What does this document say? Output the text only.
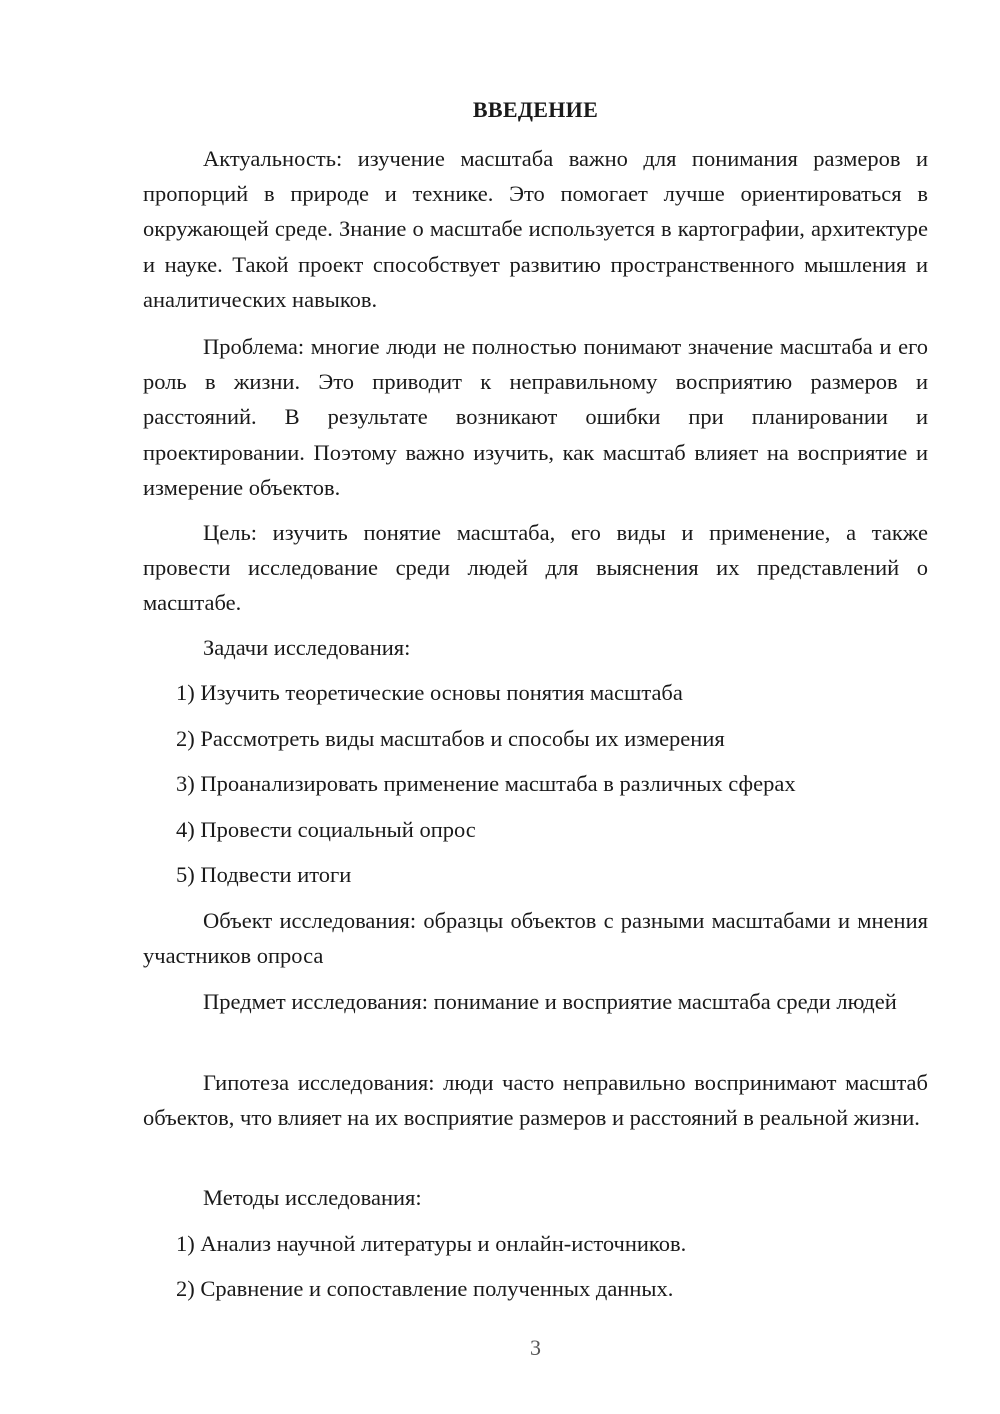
ВВЕДЕНИЕ

Актуальность: изучение масштаба важно для понимания размеров и пропорций в природе и технике. Это помогает лучше ориентироваться в окружающей среде. Знание о масштабе используется в картографии, архитектуре и науке. Такой проект способствует развитию пространственного мышления и аналитических навыков.

Проблема: многие люди не полностью понимают значение масштаба и его роль в жизни. Это приводит к неправильному восприятию размеров и расстояний. В результате возникают ошибки при планировании и проектировании. Поэтому важно изучить, как масштаб влияет на восприятие и измерение объектов.

Цель: изучить понятие масштаба, его виды и применение, а также провести исследование среди людей для выяснения их представлений о масштабе.

Задачи исследования:
1) Изучить теоретические основы понятия масштаба
2) Рассмотреть виды масштабов и способы их измерения
3) Проанализировать применение масштаба в различных сферах
4) Провести социальный опрос
5) Подвести итоги

Объект исследования: образцы объектов с разными масштабами и мнения участников опроса

Предмет исследования: понимание и восприятие масштаба среди людей

Гипотеза исследования: люди часто неправильно воспринимают масштаб объектов, что влияет на их восприятие размеров и расстояний в реальной жизни.

Методы исследования:
1) Анализ научной литературы и онлайн-источников.
2) Сравнение и сопоставление полученных данных.
3
